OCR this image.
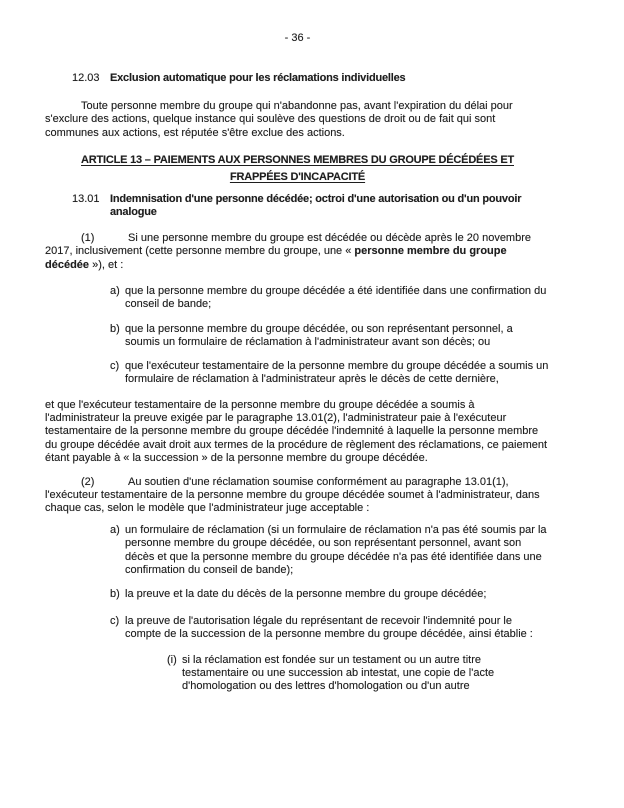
- 36 -
12.03 Exclusion automatique pour les réclamations individuelles

Toute personne membre du groupe qui n'abandonne pas, avant l'expiration du délai pour s'exclure des actions, quelque instance qui soulève des questions de droit ou de fait qui sont communes aux actions, est réputée s'être exclue des actions.

ARTICLE 13 – PAIEMENTS AUX PERSONNES MEMBRES DU GROUPE DÉCÉDÉES ET
FRAPPÉES D'INCAPACITÉ
13.01 Indemnisation d'une personne décédée; octroi d'une autorisation ou d'un pouvoir
analogue

(1)	Si une personne membre du groupe est décédée ou décède après le 20 novembre 2017, inclusivement (cette personne membre du groupe, une « personne membre du groupe décédée »), et :

a) que la personne membre du groupe décédée a été identifiée dans une confirmation du conseil de bande;
b) que la personne membre du groupe décédée, ou son représentant personnel, a soumis un formulaire de réclamation à l'administrateur avant son décès; ou
c) que l'exécuteur testamentaire de la personne membre du groupe décédée a soumis un formulaire de réclamation à l'administrateur après le décès de cette dernière,

et que l'exécuteur testamentaire de la personne membre du groupe décédée a soumis à l'administrateur la preuve exigée par le paragraphe 13.01(2), l'administrateur paie à l'exécuteur testamentaire de la personne membre du groupe décédée l'indemnité à laquelle la personne membre du groupe décédée avait droit aux termes de la procédure de règlement des réclamations, ce paiement étant payable à « la succession » de la personne membre du groupe décédée.

(2)	Au soutien d'une réclamation soumise conformément au paragraphe 13.01(1), l'exécuteur testamentaire de la personne membre du groupe décédée soumet à l'administrateur, dans chaque cas, selon le modèle que l'administrateur juge acceptable :

a) un formulaire de réclamation (si un formulaire de réclamation n'a pas été soumis par la personne membre du groupe décédée, ou son représentant personnel, avant son décès et que la personne membre du groupe décédée n'a pas été identifiée dans une confirmation du conseil de bande);
b) la preuve et la date du décès de la personne membre du groupe décédée;
c) la preuve de l'autorisation légale du représentant de recevoir l'indemnité pour le compte de la succession de la personne membre du groupe décédée, ainsi établie :
(i) si la réclamation est fondée sur un testament ou un autre titre testamentaire ou une succession ab intestat, une copie de l'acte d'homologation ou des lettres d'homologation ou d'un autre
